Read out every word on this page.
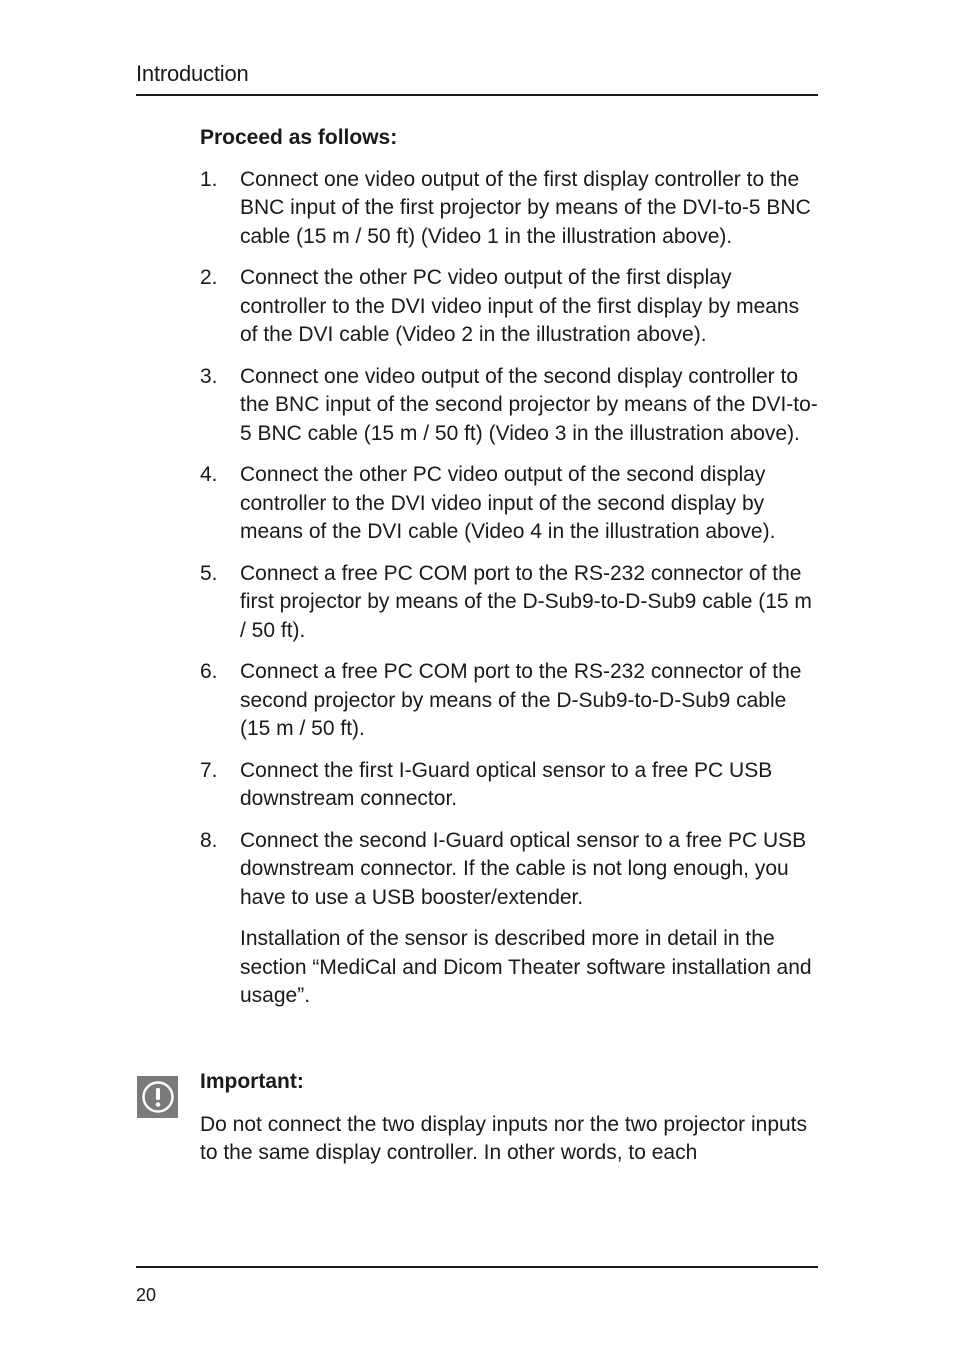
Introduction
Proceed as follows:
1. Connect one video output of the first display controller to the BNC input of the first projector by means of the DVI-to-5 BNC cable (15 m / 50 ft) (Video 1 in the illustration above).
2. Connect the other PC video output of the first display controller to the DVI video input of the first display by means of the DVI cable (Video 2 in the illustration above).
3. Connect one video output of the second display controller to the BNC input of the second projector by means of the DVI-to-5 BNC cable (15 m / 50 ft) (Video 3 in the illustration above).
4. Connect the other PC video output of the second display controller to the DVI video input of the second display by means of the DVI cable (Video 4 in the illustration above).
5. Connect a free PC COM port to the RS-232 connector of the first projector by means of the D-Sub9-to-D-Sub9 cable (15 m / 50 ft).
6. Connect a free PC COM port to the RS-232 connector of the second projector by means of the D-Sub9-to-D-Sub9 cable (15 m / 50 ft).
7. Connect the first I-Guard optical sensor to a free PC USB downstream connector.
8. Connect the second I-Guard optical sensor to a free PC USB downstream connector. If the cable is not long enough, you have to use a USB booster/extender.
Installation of the sensor is described more in detail in the section “MediCal and Dicom Theater software installation and usage”.
Important:

Do not connect the two display inputs nor the two projector inputs to the same display controller. In other words, to each

20
